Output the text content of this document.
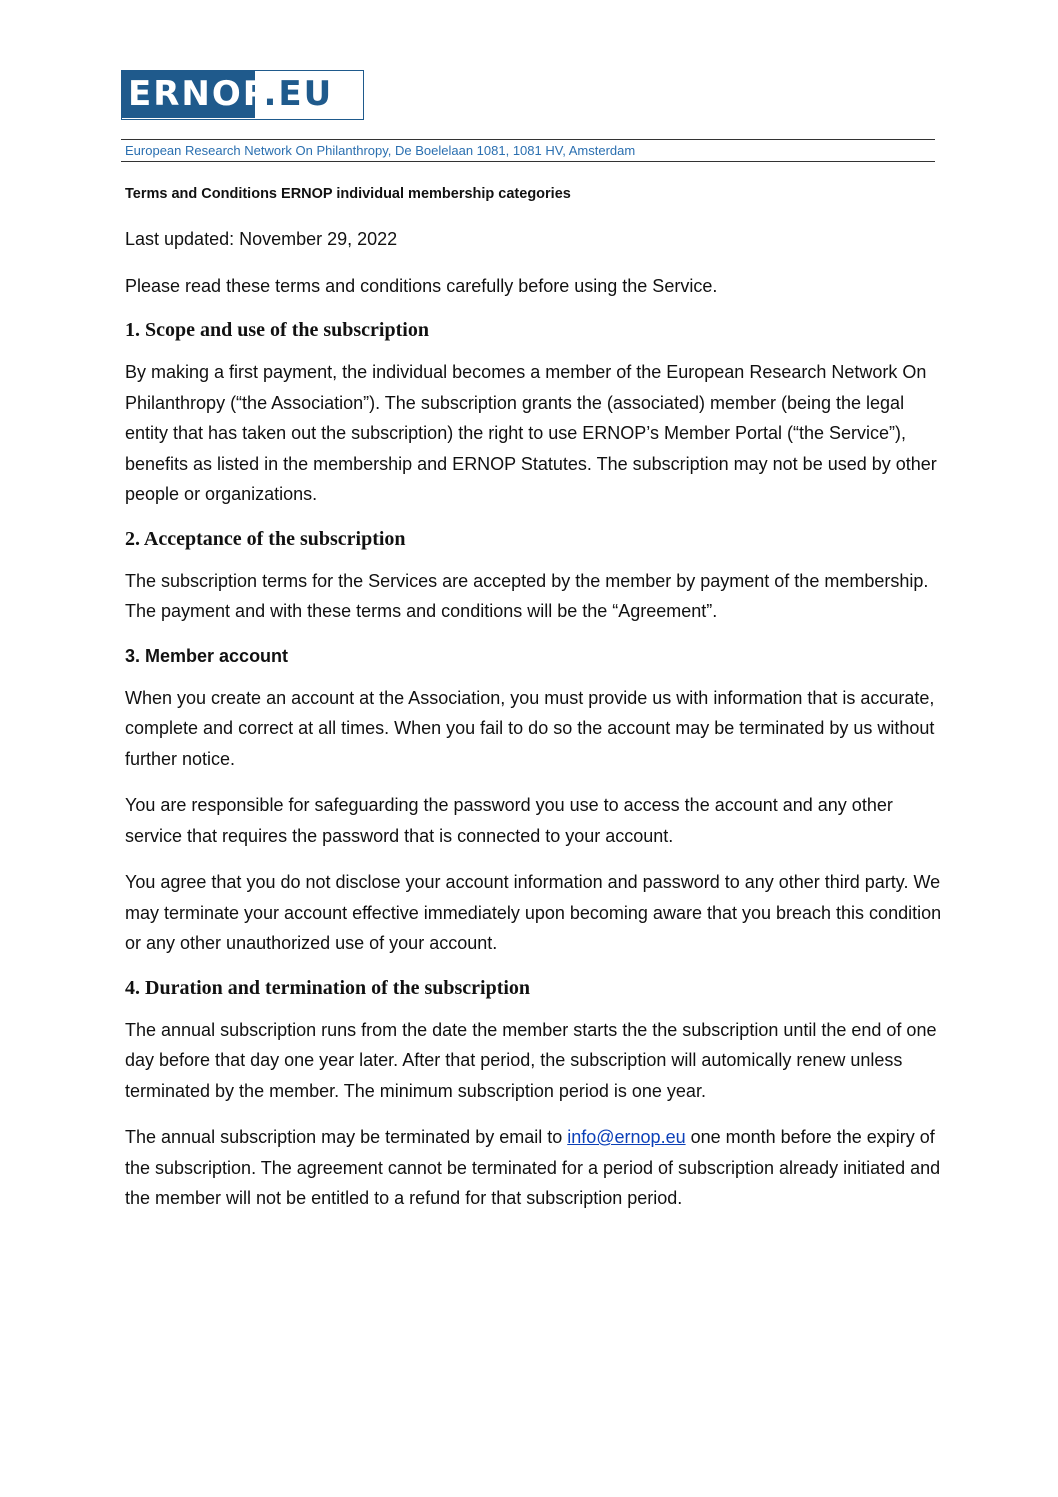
ERNOP.EU
European Research Network On Philanthropy, De Boelelaan 1081, 1081 HV, Amsterdam
Terms and Conditions ERNOP individual membership categories

Last updated: November 29, 2022

Please read these terms and conditions carefully before using the Service.

1. Scope and use of the subscription

By making a first payment, the individual becomes a member of the European Research Network On Philanthropy (“the Association”). The subscription grants the (associated) member (being the legal entity that has taken out the subscription) the right to use ERNOP’s Member Portal (“the Service”), benefits as listed in the membership and ERNOP Statutes. The subscription may not be used by other people or organizations.

2. Acceptance of the subscription

The subscription terms for the Services are accepted by the member by payment of the membership. The payment and with these terms and conditions will be the “Agreement”.

3. Member account

When you create an account at the Association, you must provide us with information that is accurate, complete and correct at all times. When you fail to do so the account may be terminated by us without further notice.

You are responsible for safeguarding the password you use to access the account and any other service that requires the password that is connected to your account.

You agree that you do not disclose your account information and password to any other third party. We may terminate your account effective immediately upon becoming aware that you breach this condition or any other unauthorized use of your account.

4. Duration and termination of the subscription

The annual subscription runs from the date the member starts the the subscription until the end of one day before that day one year later. After that period, the subscription will automically renew unless terminated by the member. The minimum subscription period is one year.

The annual subscription may be terminated by email to info@ernop.eu one month before the expiry of the subscription. The agreement cannot be terminated for a period of subscription already initiated and the member will not be entitled to a refund for that subscription period.
